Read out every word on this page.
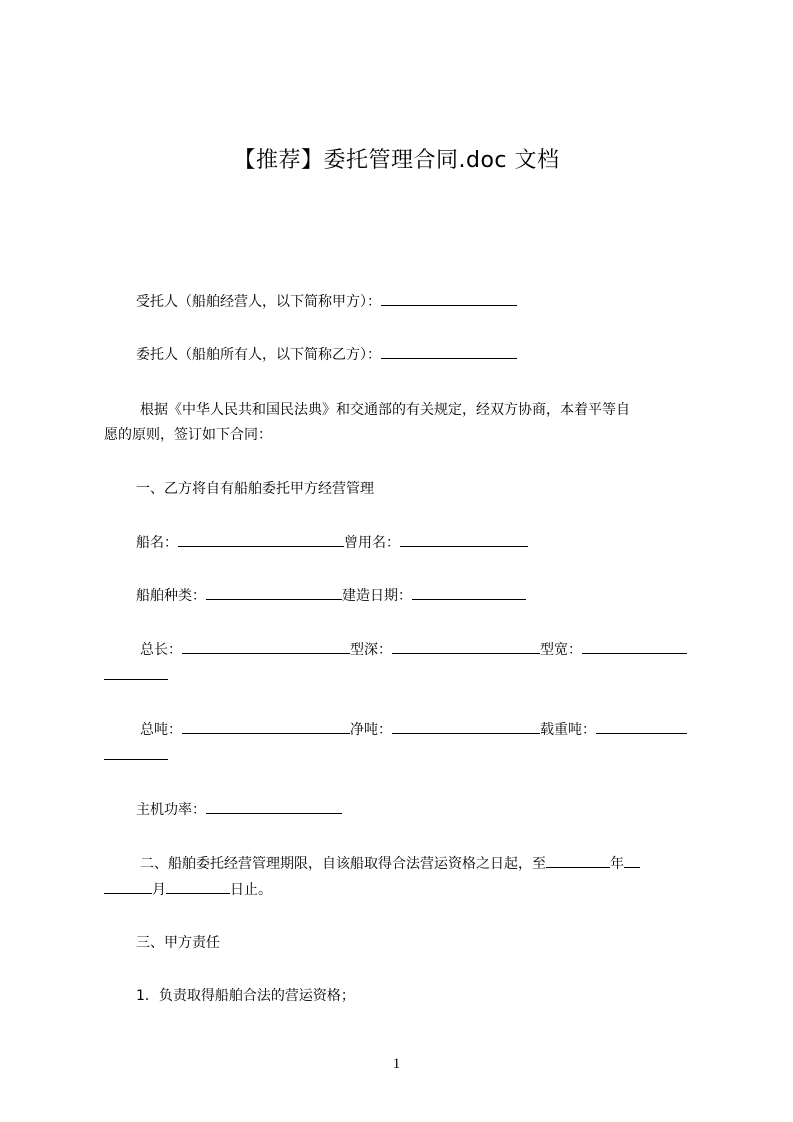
【推荐】委托管理合同.doc 文档
受托人（船舶经营人，以下简称甲方）：
委托人（船舶所有人，以下简称乙方）：
根据《中华人民共和国民法典》和交通部的有关规定，经双方协商，本着平等自
愿的原则，签订如下合同：
一、乙方将自有船舶委托甲方经营管理
船名：	曾用名：
船舶种类：	建造日期：
总长：	型深：	型宽：
总吨：	净吨：	载重吨：
主机功率：
二、船舶委托经营管理期限，自该船取得合法营运资格之日起，至	年
月	日止。
三、甲方责任
1．负责取得船舶合法的营运资格；
1
